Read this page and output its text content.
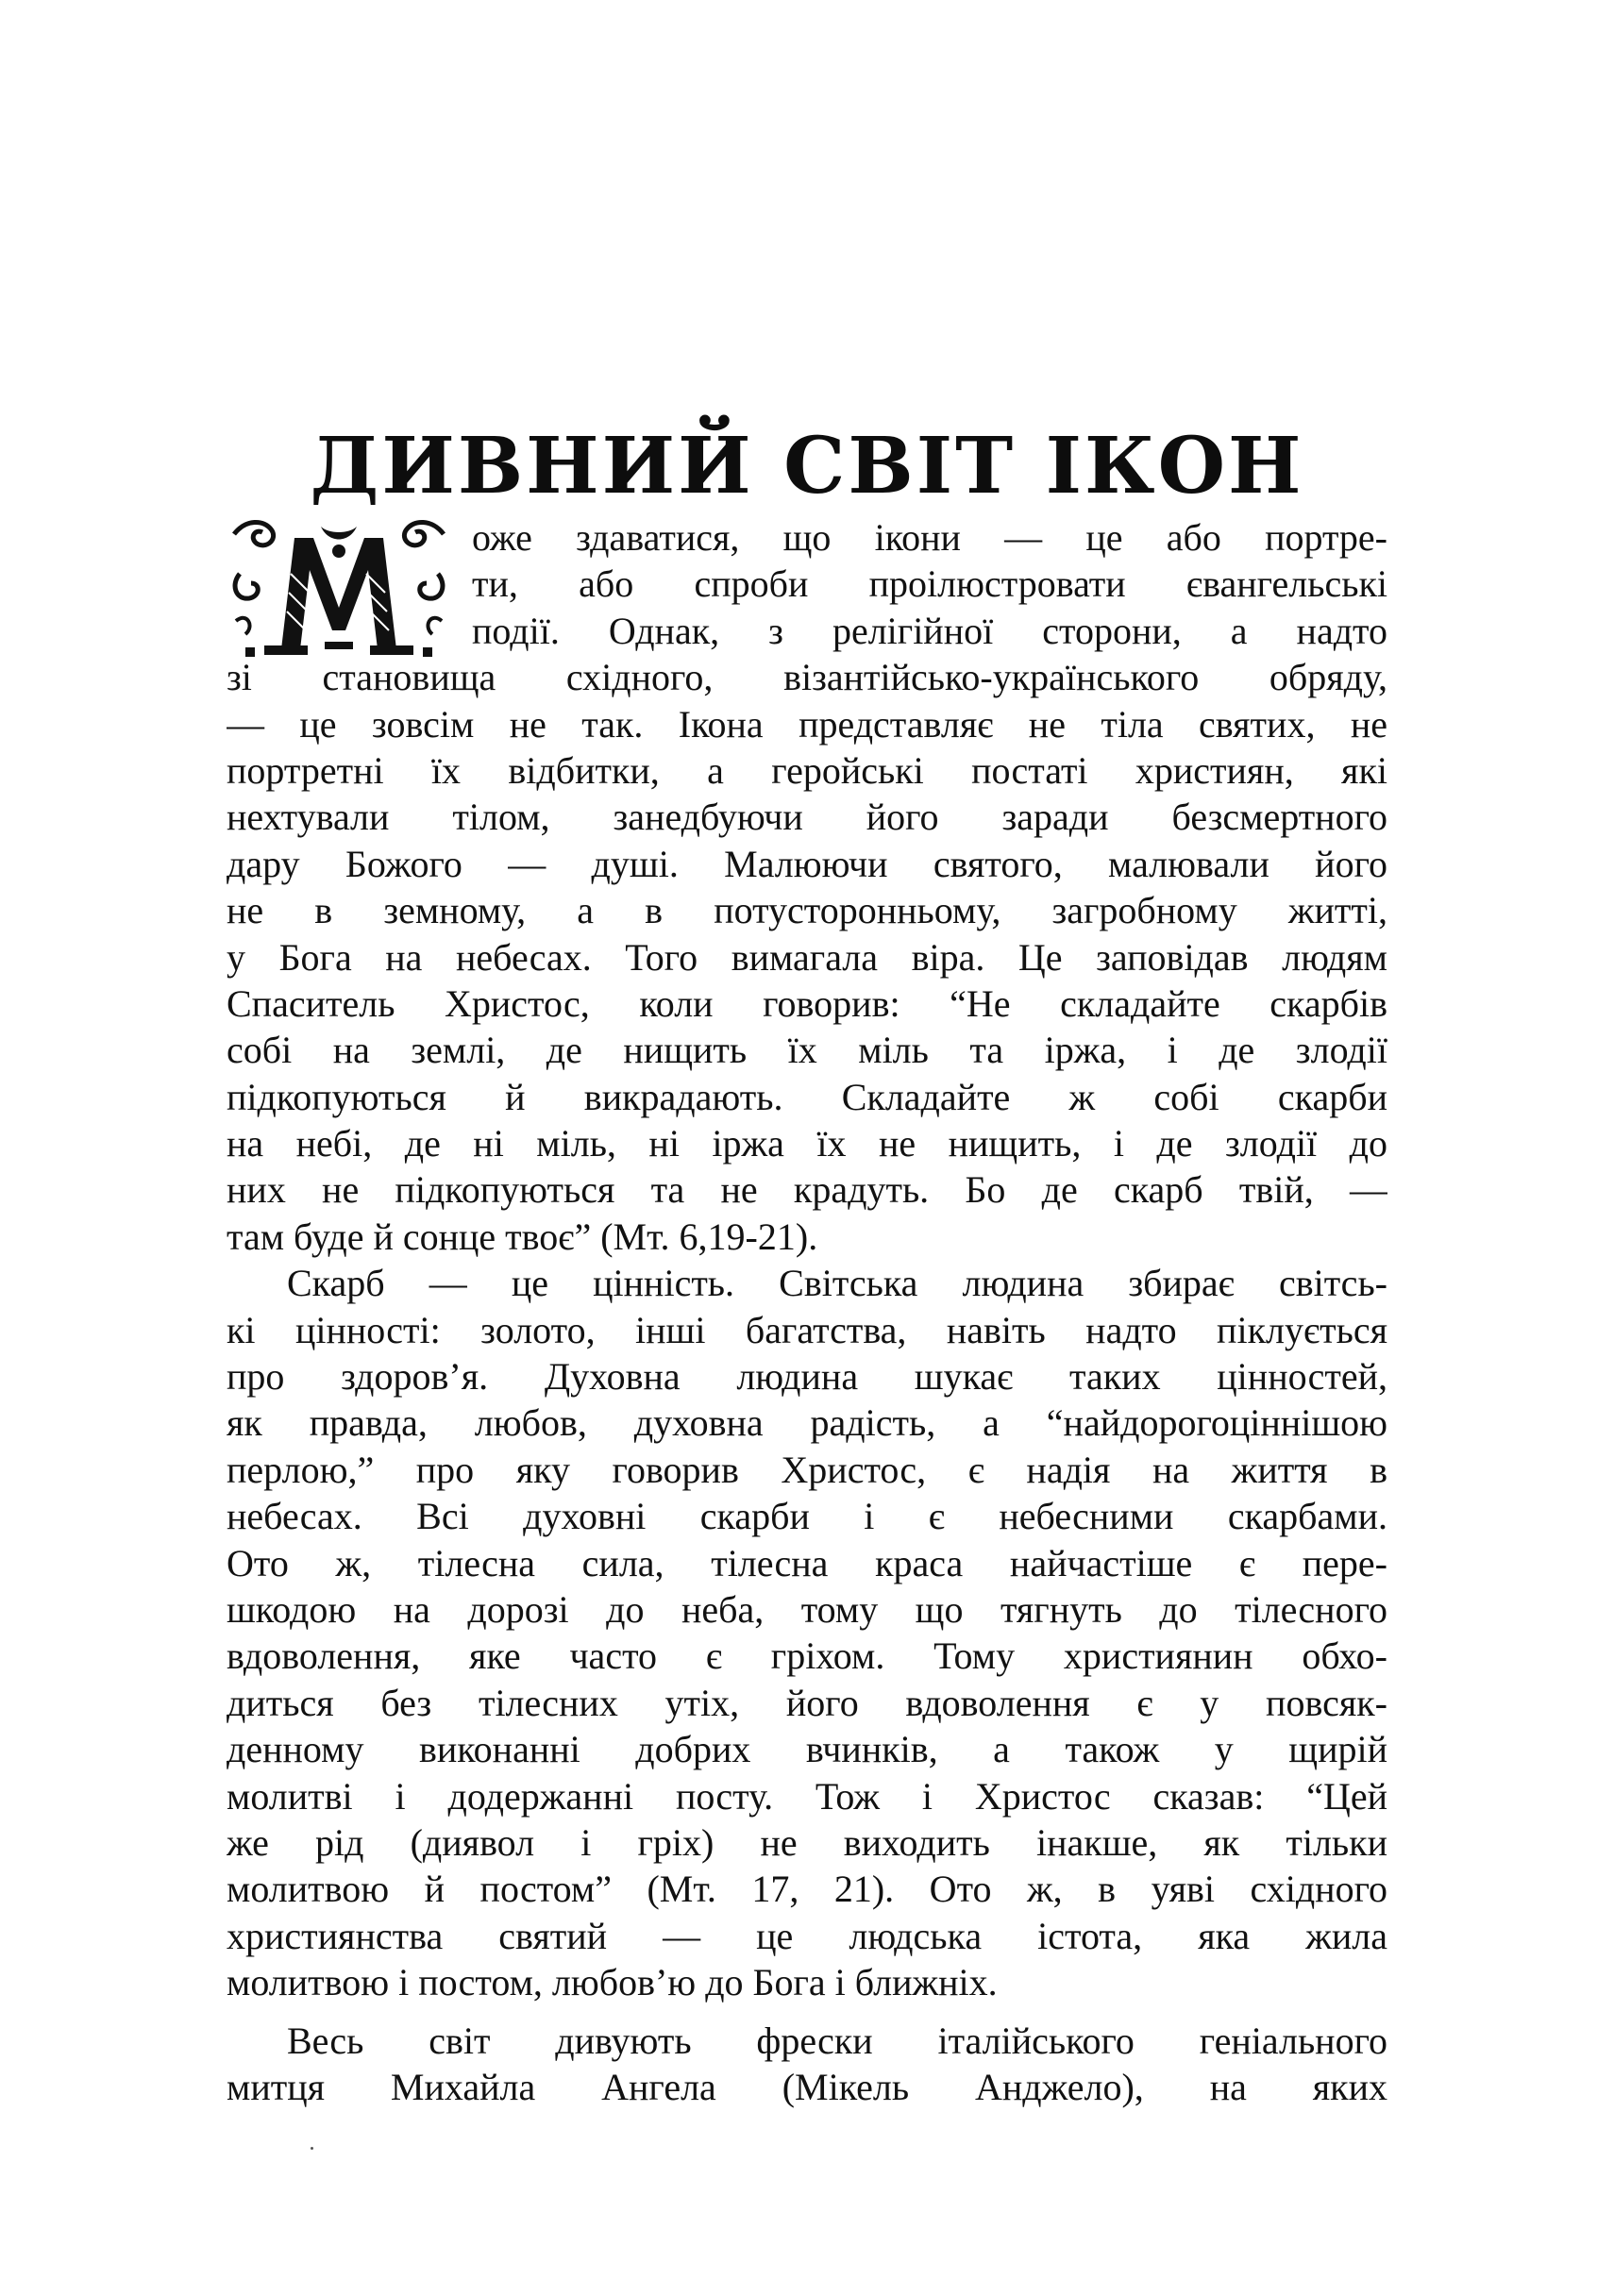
ДИВНИЙ СВІТ ІКОН
оже здаватися, що ікони — це або портре-
ти, або спроби проілюстровати євангельські
події. Однак, з релігійної сторони, а надто
зі становища східного, візантійсько-українського обряду,
— це зовсім не так. Ікона представляє не тіла святих, не
портретні їх відбитки, а геройські постаті християн, які
нехтували тілом, занедбуючи його заради безсмертного
дару Божого — душі. Малюючи святого, малювали його
не в земному, а в потусторонньому, загробному житті,
у Бога на небесах. Того вимагала віра. Це заповідав людям
Спаситель Христос, коли говорив: “Не складайте скарбів
собі на землі, де нищить їх міль та іржа, і де злодії
підкопуються й викрадають. Складайте ж собі скарби
на небі, де ні міль, ні іржа їх не нищить, і де злодії до
них не підкопуються та не крадуть. Бо де скарб твій, —
там буде й сонце твоє” (Мт. 6,19-21).
Скарб — це цінність. Світська людина збирає світсь-
кі цінності: золото, інші багатства, навіть надто піклується
про здоров’я. Духовна людина шукає таких цінностей,
як правда, любов, духовна радість, а “найдорогоціннішою
перлою,” про яку говорив Христос, є надія на життя в
небесах. Всі духовні скарби і є небесними скарбами.
Ото ж, тілесна сила, тілесна краса найчастіше є пере-
шкодою на дорозі до неба, тому що тягнуть до тілесного
вдоволення, яке часто є гріхом. Тому християнин обхо-
диться без тілесних утіх, його вдоволення є у повсяк-
денному виконанні добрих вчинків, а також у щирій
молитві і додержанні посту. Тож і Христос сказав: “Цей
же рід (диявол і гріх) не виходить інакше, як тільки
молитвою й постом” (Мт. 17, 21). Ото ж, в уяві східного
християнства святий — це людська істота, яка жила
молитвою і постом, любов’ю до Бога і ближніх.
Весь світ дивують фрески італійського геніального
митця Михайла Ангела (Мікель Анджело), на яких
